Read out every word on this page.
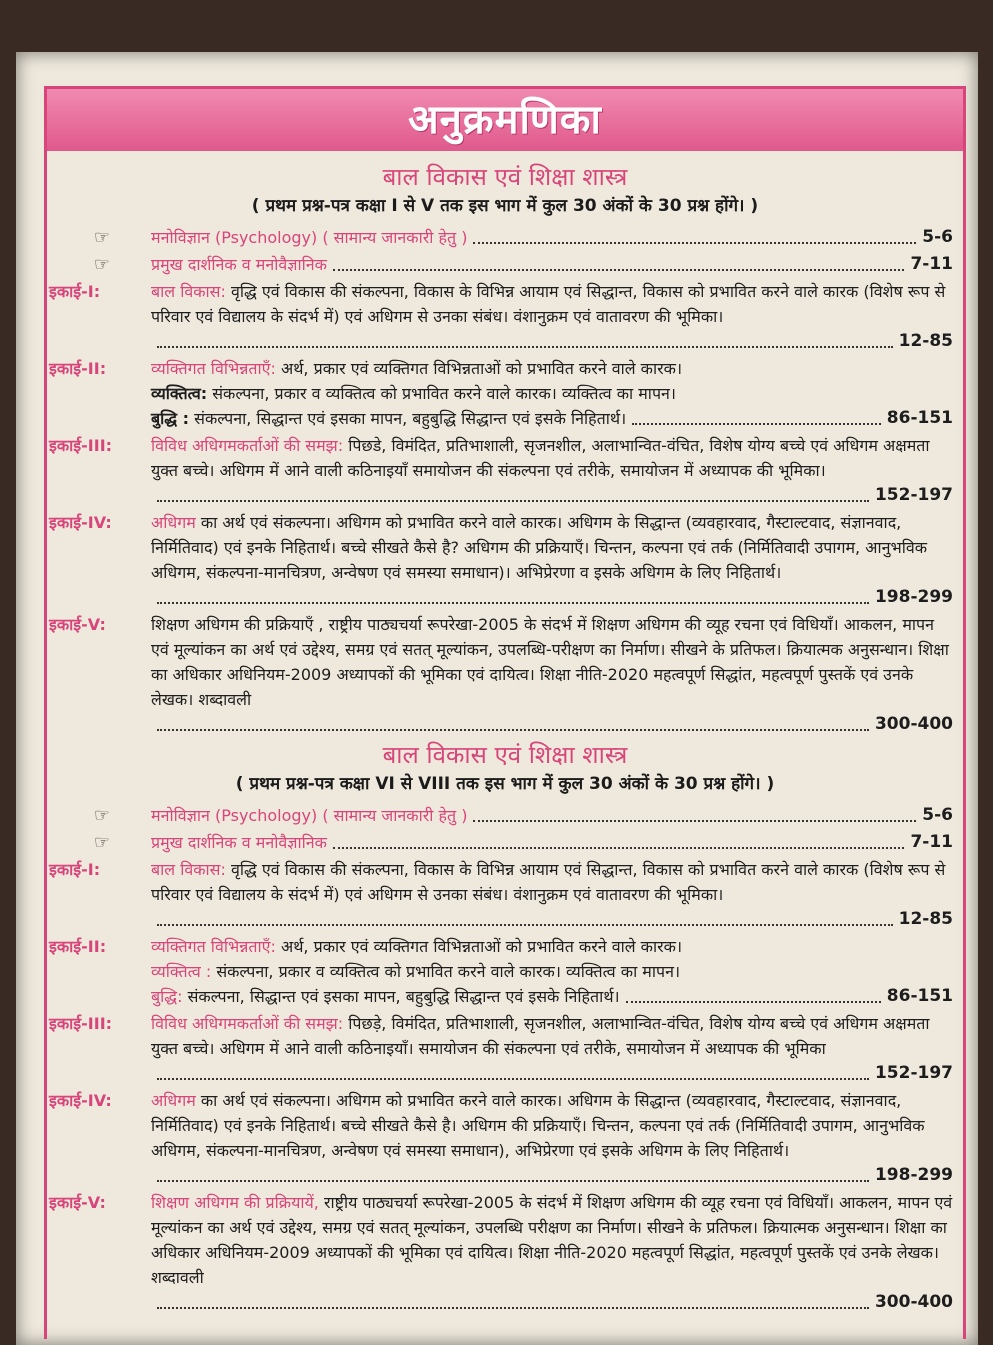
अनुक्रमणिका
बाल विकास एवं शिक्षा शास्त्र
( प्रथम प्रश्न-पत्र कक्षा I से V तक इस भाग में कुल 30 अंकों के 30 प्रश्न होंगे। )
☞	मनोविज्ञान (Psychology) ( सामान्य जानकारी हेतु )	5-6
☞	प्रमुख दार्शनिक व मनोवैज्ञानिक	7-11
इकाई-I:	बाल विकास: वृद्धि एवं विकास की संकल्पना, विकास के विभिन्न आयाम एवं सिद्धान्त, विकास को प्रभावित करने वाले कारक (विशेष रूप से परिवार एवं विद्यालय के संदर्भ में) एवं अधिगम से उनका संबंध। वंशानुक्रम एवं वातावरण की भूमिका।
12-85
इकाई-II:	व्यक्तिगत विभिन्नताएँ: अर्थ, प्रकार एवं व्यक्तिगत विभिन्नताओं को प्रभावित करने वाले कारक।
व्यक्तित्व: संकल्पना, प्रकार व व्यक्तित्व को प्रभावित करने वाले कारक। व्यक्तित्व का मापन।
बुद्धि : संकल्पना, सिद्धान्त एवं इसका मापन, बहुबुद्धि सिद्धान्त एवं इसके निहितार्थ।	86-151
इकाई-III:	विविध अधिगमकर्ताओं की समझ: पिछडे, विमंदित, प्रतिभाशाली, सृजनशील, अलाभान्वित-वंचित, विशेष योग्य बच्चे एवं अधिगम अक्षमता युक्त बच्चे। अधिगम में आने वाली कठिनाइयाँ समायोजन की संकल्पना एवं तरीके, समायोजन में अध्यापक की भूमिका।
152-197
इकाई-IV:	अधिगम का अर्थ एवं संकल्पना। अधिगम को प्रभावित करने वाले कारक। अधिगम के सिद्धान्त (व्यवहारवाद, गैस्टाल्टवाद, संज्ञानवाद, निर्मितिवाद) एवं इनके निहितार्थ। बच्चे सीखते कैसे है? अधिगम की प्रक्रियाएँ। चिन्तन, कल्पना एवं तर्क (निर्मितिवादी उपागम, आनुभविक अधिगम, संकल्पना-मानचित्रण, अन्वेषण एवं समस्या समाधान)। अभिप्रेरणा व इसके अधिगम के लिए निहितार्थ।
198-299
इकाई-V:	शिक्षण अधिगम की प्रक्रियाएँ , राष्ट्रीय पाठ्यचर्या रूपरेखा-2005 के संदर्भ में शिक्षण अधिगम की व्यूह रचना एवं विधियाँ। आकलन, मापन एवं मूल्यांकन का अर्थ एवं उद्देश्य, समग्र एवं सतत् मूल्यांकन, उपलब्धि-परीक्षण का निर्माण। सीखने के प्रतिफल। क्रियात्मक अनुसन्धान। शिक्षा का अधिकार अधिनियम-2009 अध्यापकों की भूमिका एवं दायित्व। शिक्षा नीति-2020 महत्वपूर्ण सिद्धांत, महत्वपूर्ण पुस्तकें एवं उनके लेखक। शब्दावली
300-400
बाल विकास एवं शिक्षा शास्त्र
( प्रथम प्रश्न-पत्र कक्षा VI से VIII तक इस भाग में कुल 30 अंकों के 30 प्रश्न होंगे। )
☞	मनोविज्ञान (Psychology) ( सामान्य जानकारी हेतु )	5-6
☞	प्रमुख दार्शनिक व मनोवैज्ञानिक	7-11
इकाई-I:	बाल विकास: वृद्धि एवं विकास की संकल्पना, विकास के विभिन्न आयाम एवं सिद्धान्त, विकास को प्रभावित करने वाले कारक (विशेष रूप से परिवार एवं विद्यालय के संदर्भ में) एवं अधिगम से उनका संबंध। वंशानुक्रम एवं वातावरण की भूमिका।
12-85
इकाई-II:	व्यक्तिगत विभिन्नताएँ: अर्थ, प्रकार एवं व्यक्तिगत विभिन्नताओं को प्रभावित करने वाले कारक।
व्यक्तित्व : संकल्पना, प्रकार व व्यक्तित्व को प्रभावित करने वाले कारक। व्यक्तित्व का मापन।
बुद्धि: संकल्पना, सिद्धान्त एवं इसका मापन, बहुबुद्धि सिद्धान्त एवं इसके निहितार्थ।	86-151
इकाई-III:	विविध अधिगमकर्ताओं की समझ: पिछड़े, विमंदित, प्रतिभाशाली, सृजनशील, अलाभान्वित-वंचित, विशेष योग्य बच्चे एवं अधिगम अक्षमता युक्त बच्चे। अधिगम में आने वाली कठिनाइयाँ। समायोजन की संकल्पना एवं तरीके, समायोजन में अध्यापक की भूमिका
152-197
इकाई-IV:	अधिगम का अर्थ एवं संकल्पना। अधिगम को प्रभावित करने वाले कारक। अधिगम के सिद्धान्त (व्यवहारवाद, गैस्टाल्टवाद, संज्ञानवाद, निर्मितिवाद) एवं इनके निहितार्थ। बच्चे सीखते कैसे है। अधिगम की प्रक्रियाएँ। चिन्तन, कल्पना एवं तर्क (निर्मितिवादी उपागम, आनुभविक अधिगम, संकल्पना-मानचित्रण, अन्वेषण एवं समस्या समाधान), अभिप्रेरणा एवं इसके अधिगम के लिए निहितार्थ।
198-299
इकाई-V:	शिक्षण अधिगम की प्रक्रियायें, राष्ट्रीय पाठ्यचर्या रूपरेखा-2005 के संदर्भ में शिक्षण अधिगम की व्यूह रचना एवं विधियाँ। आकलन, मापन एवं मूल्यांकन का अर्थ एवं उद्देश्य, समग्र एवं सतत् मूल्यांकन, उपलब्धि परीक्षण का निर्माण। सीखने के प्रतिफल। क्रियात्मक अनुसन्धान। शिक्षा का अधिकार अधिनियम-2009 अध्यापकों की भूमिका एवं दायित्व। शिक्षा नीति-2020 महत्वपूर्ण सिद्धांत, महत्वपूर्ण पुस्तकें एवं उनके लेखक। शब्दावली
300-400
